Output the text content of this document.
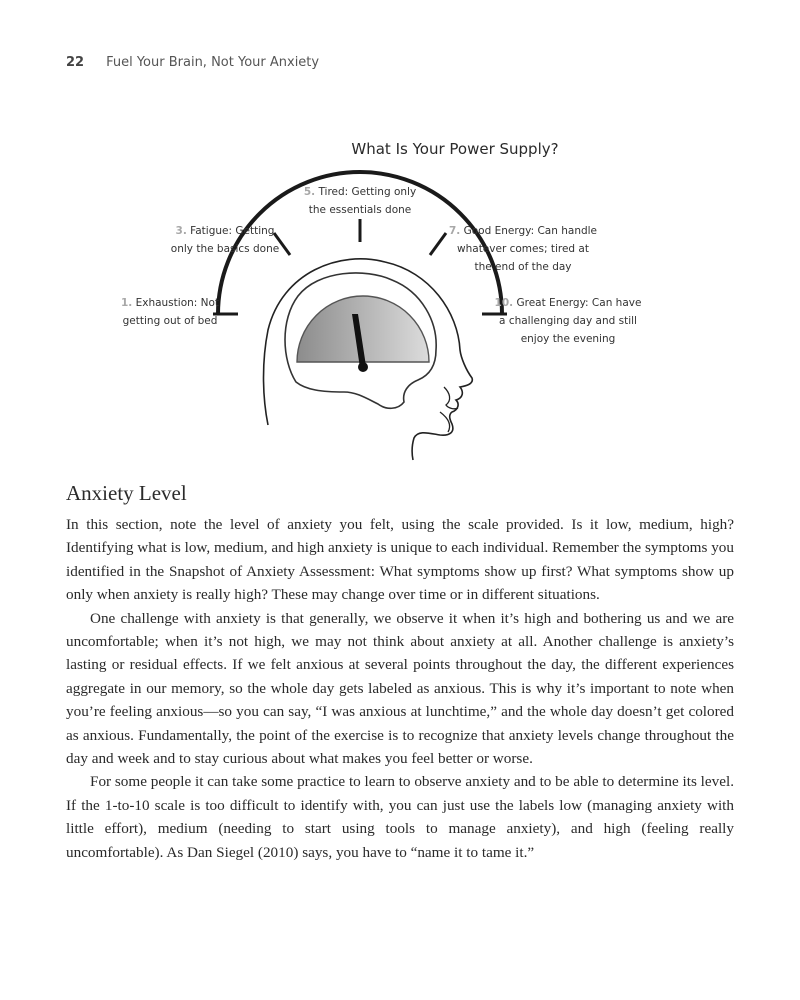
22 Fuel Your Brain, Not Your Anxiety
What Is Your Power Supply?
1. Exhaustion: Not
getting out of bed
3. Fatigue: Getting
only the basics done
5. Tired: Getting only
the essentials done
7. Good Energy: Can handle
whatever comes; tired at
the end of the day
10. Great Energy: Can have
a challenging day and still
enjoy the evening
Anxiety Level

In this section, note the level of anxiety you felt, using the scale provided. Is it low, medium, high? Identifying what is low, medium, and high anxiety is unique to each individual. Remember the symptoms you identified in the Snapshot of Anxiety Assessment: What symptoms show up first? What symptoms show up only when anxiety is really high? These may change over time or in different situations.

One challenge with anxiety is that generally, we observe it when it’s high and bothering us and we are uncomfortable; when it’s not high, we may not think about anxiety at all. Another challenge is anxiety’s lasting or residual effects. If we felt anxious at several points throughout the day, the different experiences aggregate in our memory, so the whole day gets labeled as anxious. This is why it’s important to note when you’re feeling anxious—so you can say, “I was anxious at lunchtime,” and the whole day doesn’t get colored as anxious. Fundamentally, the point of the exercise is to recognize that anxiety levels change throughout the day and week and to stay curious about what makes you feel better or worse.

For some people it can take some practice to learn to observe anxiety and to be able to determine its level. If the 1-to-10 scale is too difficult to identify with, you can just use the labels low (managing anxiety with little effort), medium (needing to start using tools to manage anxiety), and high (feeling really uncomfortable). As Dan Siegel (2010) says, you have to “name it to tame it.”
